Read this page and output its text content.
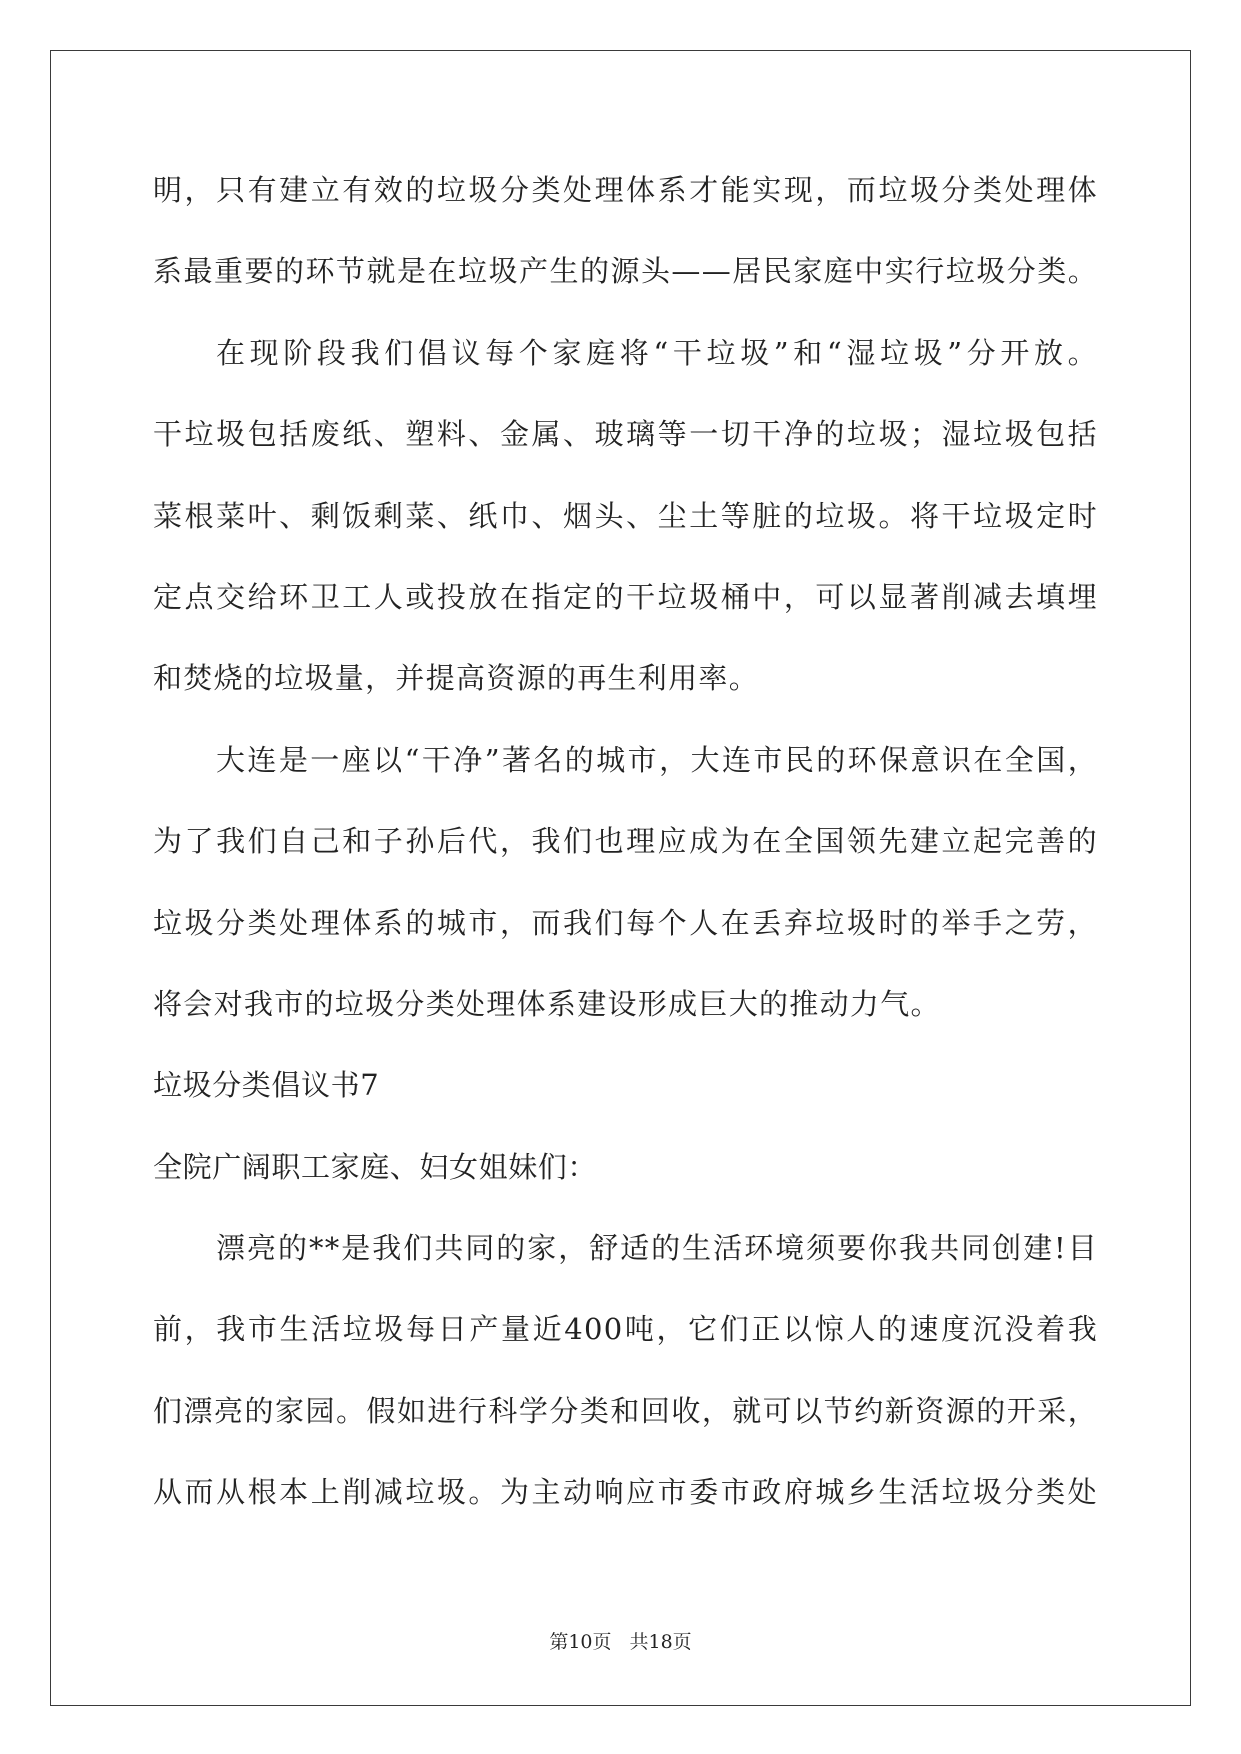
明，只有建立有效的垃圾分类处理体系才能实现，而垃圾分类处理体
系最重要的环节就是在垃圾产生的源头——居民家庭中实行垃圾分类。
在现阶段我们倡议每个家庭将“干垃圾”和“湿垃圾”分开放。
干垃圾包括废纸、塑料、金属、玻璃等一切干净的垃圾；湿垃圾包括
菜根菜叶、剩饭剩菜、纸巾、烟头、尘土等脏的垃圾。将干垃圾定时
定点交给环卫工人或投放在指定的干垃圾桶中，可以显著削减去填埋
和焚烧的垃圾量，并提高资源的再生利用率。
大连是一座以“干净”著名的城市，大连市民的环保意识在全国，
为了我们自己和子孙后代，我们也理应成为在全国领先建立起完善的
垃圾分类处理体系的城市，而我们每个人在丢弃垃圾时的举手之劳，
将会对我市的垃圾分类处理体系建设形成巨大的推动力气。
垃圾分类倡议书7
全院广阔职工家庭、妇女姐妹们：
漂亮的**是我们共同的家，舒适的生活环境须要你我共同创建!目
前，我市生活垃圾每日产量近400吨，它们正以惊人的速度沉没着我
们漂亮的家园。假如进行科学分类和回收，就可以节约新资源的开采，
从而从根本上削减垃圾。为主动响应市委市政府城乡生活垃圾分类处
第10页 共18页
